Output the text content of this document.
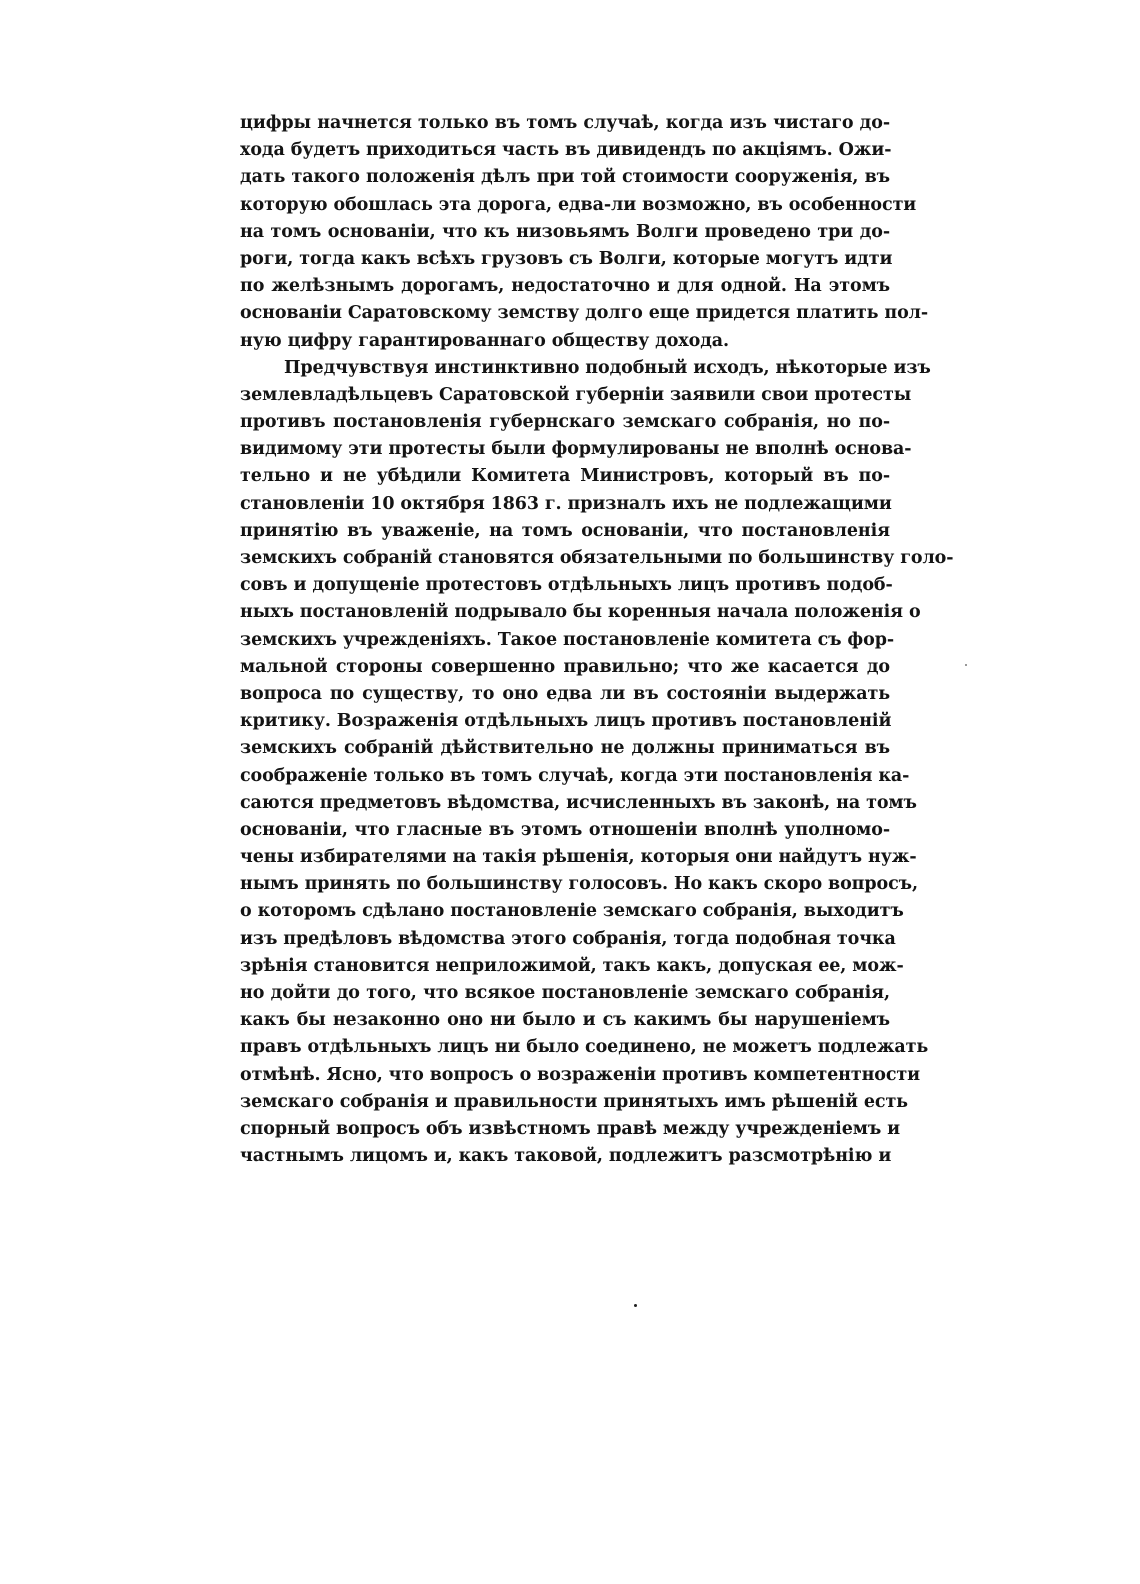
цифры начнется только въ томъ случаѣ, когда изъ чистаго до-
хода будетъ приходиться часть въ дивидендъ по акціямъ. Ожи-
дать такого положенія дѣлъ при той стоимости сооруженія, въ
которую обошлась эта дорога, едва-ли возможно, въ особенности
на томъ основаніи, что къ низовьямъ Волги проведено три до-
роги, тогда какъ всѣхъ грузовъ съ Волги, которые могутъ идти
по желѣзнымъ дорогамъ, недостаточно и для одной. На этомъ
основаніи Саратовскому земству долго еще придется платить пол-
ную цифру гарантированнаго обществу дохода.
Предчувствуя инстинктивно подобный исходъ, нѣкоторые изъ
землевладѣльцевъ Саратовской губерніи заявили свои протесты
противъ постановленія губернскаго земскаго собранія, но по-
видимому эти протесты были формулированы не вполнѣ основа-
тельно и не убѣдили Комитета Министровъ, который въ по-
становленіи 10 октября 1863 г. призналъ ихъ не подлежащими
принятію въ уваженіе, на томъ основаніи, что постановленія
земскихъ собраній становятся обязательными по большинству голо-
совъ и допущеніе протестовъ отдѣльныхъ лицъ противъ подоб-
ныхъ постановленій подрывало бы коренныя начала положенія о
земскихъ учрежденіяхъ. Такое постановленіе комитета съ фор-
мальной стороны совершенно правильно; что же касается до
вопроса по существу, то оно едва ли въ состояніи выдержать
критику. Возраженія отдѣльныхъ лицъ противъ постановленій
земскихъ собраній дѣйствительно не должны приниматься въ
соображеніе только въ томъ случаѣ, когда эти постановленія ка-
саются предметовъ вѣдомства, исчисленныхъ въ законѣ, на томъ
основаніи, что гласные въ этомъ отношеніи вполнѣ уполномо-
чены избирателями на такія рѣшенія, которыя они найдутъ нуж-
нымъ принять по большинству голосовъ. Но какъ скоро вопросъ,
о которомъ сдѣлано постановленіе земскаго собранія, выходитъ
изъ предѣловъ вѣдомства этого собранія, тогда подобная точка
зрѣнія становится неприложимой, такъ какъ, допуская ее, мож-
но дойти до того, что всякое постановленіе земскаго собранія,
какъ бы незаконно оно ни было и съ какимъ бы нарушеніемъ
правъ отдѣльныхъ лицъ ни было соединено, не можетъ подлежать
отмѣнѣ. Ясно, что вопросъ о возраженіи противъ компетентности
земскаго собранія и правильности принятыхъ имъ рѣшеній есть
спорный вопросъ объ извѣстномъ правѣ между учрежденіемъ и
частнымъ лицомъ и, какъ таковой, подлежитъ разсмотрѣнію и
